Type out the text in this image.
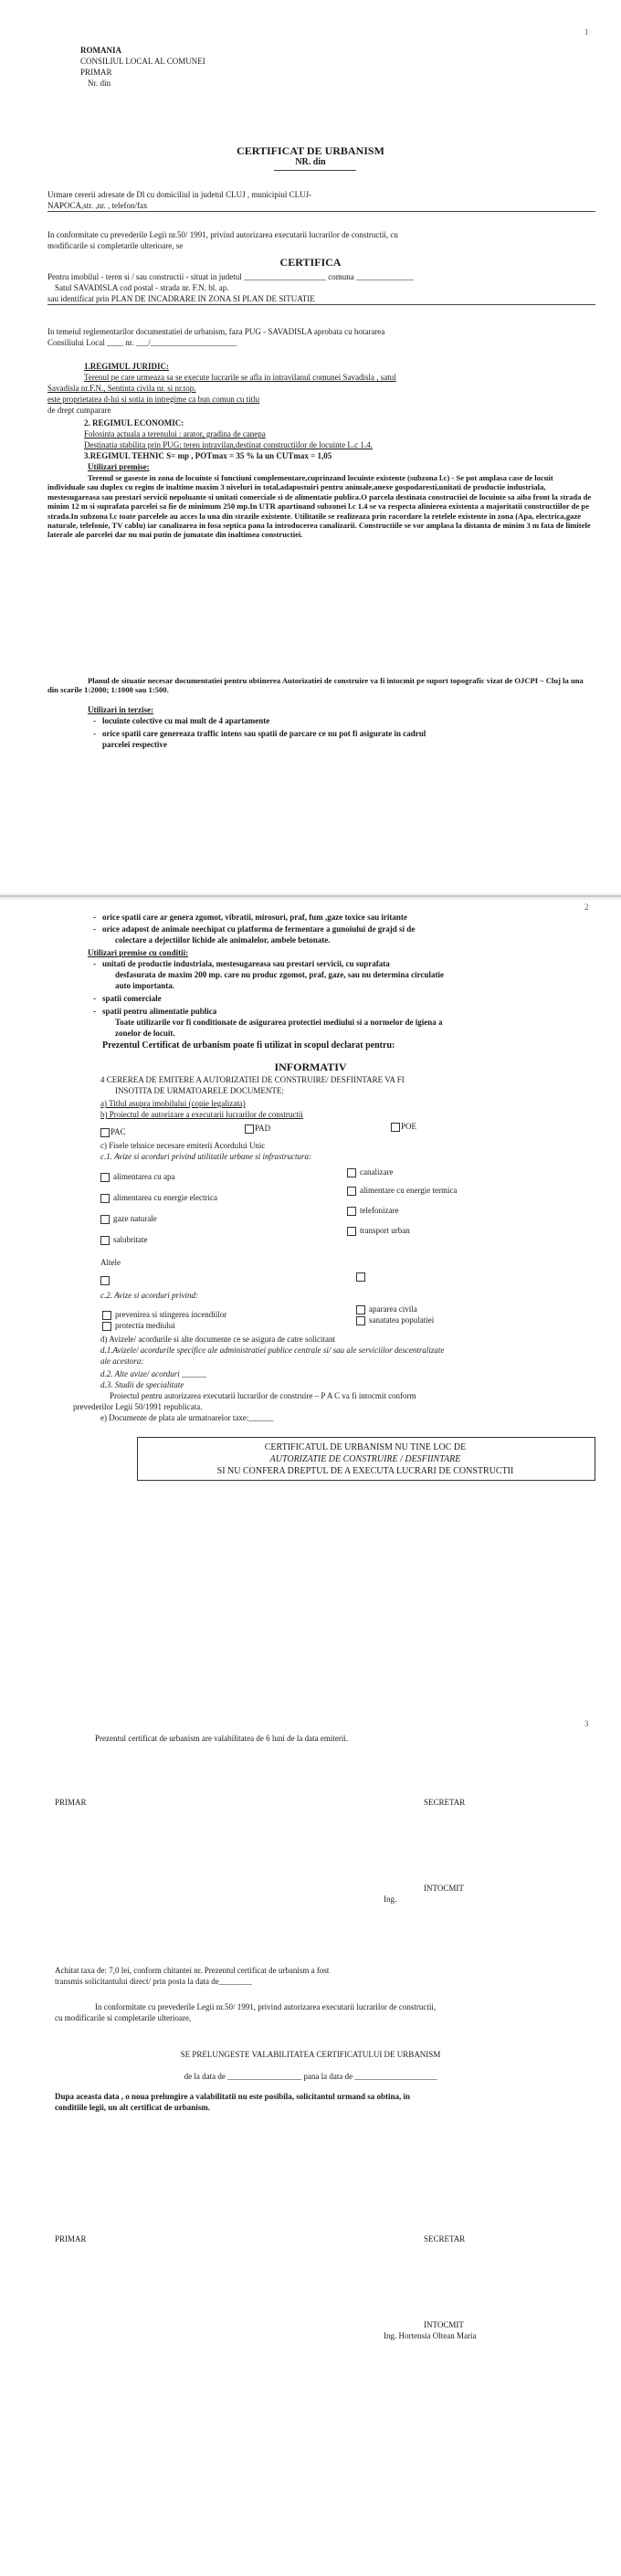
1
ROMANIA
CONSILIUL LOCAL AL COMUNEI
PRIMAR
Nr. din
CERTIFICAT DE URBANISM
NR. din
Urmare cererii adresate de Dl cu domiciliul in judetul CLUJ , municipiul CLUJ-
NAPOCA,str. ,nr. , telefon/fax
In conformitate cu prevederile Legii nr.50/ 1991, privind autorizarea executarii lucrarilor de constructii, cu
modificarile si completarile ulterioare, se
CERTIFICA
Pentru imobilul - teren si / sau constructii - situat in judetul ____________________ comuna ______________
Satul SAVADISLA cod postal - strada nr. F.N. bl. ap.
sau identificat prin PLAN DE INCADRARE IN ZONA SI PLAN DE SITUATIE
In temeiul reglementarilor documentatiei de urbanism, faza PUG - SAVADISLA aprobata cu hotararea
Consiliului Local ____ nr. ___/_____________________
1.REGIMUL JURIDIC:
Terenul pe care urmeaza sa se execute lucrarile se afla in intravilanul comunei Savadisla , satul
Savadisla nr.F.N., Sentinta civila nr. si nr.top.
este proprietatea d-lui si sotia in intregime ca bun comun cu titlu
de drept cumparare
2. REGIMUL ECONOMIC:
Folosinta actuala a terenului : arator, gradina de canepa
Destinatia stabilita prin PUG: teren intravilan,destinat constructiilor de locuinte L.c 1.4.
3.REGIMUL TEHNIC S= mp , POTmax = 35 % la un CUTmax = 1,05
Utilizari premise:
Terenul se gaseste in zona de locuinte si functiuni complementare,cuprinzand locuinte existente (subzona l.c) - Se pot amplasa case de locuit individuale sau duplex cu regim de inaltime maxim 3 niveluri in total,adapostuiri pentru animale,anexe gospodaresti,unitati de productie industriala, mestesugareasa sau prestari servicii nepoluante si unitati comerciale si de alimentatie publica.O parcela destinata constructiei de locuinte sa aiba front la strada de minim 12 m si suprafata parcelei sa fie de minimum 250 mp.In UTR apartinand subzonei l.c 1.4 se va respecta alinierea existenta a majoritatii constructiilor de pe strada.In subzona l.c toate parcelele au acces la una din strazile existente. Utilitatile se realizeaza prin racordare la retelele existente in zona (Apa, electrica,gaze naturale, telefonie, TV cablu) iar canalizarea in fosa septica pana la introducerea canalizarii. Constructiile se vor amplasa la distanta de minim 3 m fata de limitele laterale ale parcelei dar nu mai putin de jumatate din inaltimea constructiei.
Planul de situatie necesar documentatiei pentru obtinerea Autorizatiei de construire va fi intocmit pe suport topografic vizat de OJCPI – Cluj la una din scarile 1:2000; 1:1000 sau 1:500.
Utilizari in terzise:
locuinte colective cu mai mult de 4 apartamente
orice spatii care genereaza traffic intens sau spatii de parcare ce nu pot fi asigurate in cadrul
parcelei respective
2
orice spatii care ar genera zgomot, vibratii, mirosuri, praf, fum ,gaze toxice sau iritante
orice adapost de animale neechipat cu platforma de fermentare a gunoiului de grajd si de
colectare a dejectiilor lichide ale animalelor, ambele betonate.
Utilizari premise cu conditii:
unitati de productie industriala, mestesugareasa sau prestari servicii, cu suprafata
desfasurata de maxim 200 mp. care nu produc zgomot, praf, gaze, sau nu determina circulatie
auto importanta.
spatii comerciale
spatii pentru alimentatie publica
Toate utilizarile vor fi conditionate de asigurarea protectiei mediului si a normelor de igiena a
zonelor de locuit.
Prezentul Certificat de urbanism poate fi utilizat in scopul declarat pentru:
INFORMATIV
4 CEREREA DE EMITERE A AUTORIZATIEI DE CONSTRUIRE/ DESFIINTARE VA FI
INSOTITA DE URMATOARELE DOCUMENTE:
a) Titlul asupra imobilului (copie legalizata)
b) Proiectul de autorizare a executarii lucrarilor de constructii
PAC	PAD	POE
c) Fisele tehnice necesare emiterii Acordului Unic
c.1. Avize si acorduri privind utilitatile urbane si infrastructura:
alimentarea cu apa
alimentarea cu energie electrica
gaze naturale
salubritate
canalizare
alimentare cu energie termica
telefonizare
transport urban
Altele
c.2. Avize si acorduri privind:
prevenirea si stingerea incendiilor
protectia mediului
apararea civila
sanatatea populatiei
d) Avizele/ acordurile si alte documente ce se asigura de catre solicitant
d.1.Avizele/ acordurile specifice ale administratiei publice centrale si/ sau ale serviciilor descentralizate
ale acestora:
d.2. Alte avize/ acorduri ______
d.3. Studii de specialitate
Proiectul pentru autorizarea executarii lucrarilor de construire – P A C va fi intocmit conform
prevederilor Legii 50/1991 republicata.
e) Documente de plata ale urmatoarelor taxe:______
CERTIFICATUL DE URBANISM NU TINE LOC DE
AUTORIZATIE DE CONSTRUIRE / DESFIINTARE
SI NU CONFERA DREPTUL DE A EXECUTA LUCRARI DE CONSTRUCTII
3
Prezentul certificat de urbanism are valabilitatea de 6 luni de la data emiterii.
PRIMAR	SECRETAR
INTOCMIT
Ing.
Achitat taxa de: 7,0 lei, conform chitantei nr. Prezentul certificat de urbanism a fost
transmis solicitantului direct/ prin posta la data de________
In conformitate cu prevederile Legii nr.50/ 1991, privind autorizarea executarii lucrarilor de constructii,
cu modificarile si completarile ulterioare,
SE PRELUNGESTE VALABILITATEA CERTIFICATULUI DE URBANISM
de la data de __________________ pana la data de ____________________
Dupa aceasta data , o noua prelungire a valabilitatii nu este posibila, solicitantul urmand sa obtina, in
conditiile legii, un alt certificat de urbanism.
PRIMAR	SECRETAR
INTOCMIT
Ing. Hortensia Oltean Maria
